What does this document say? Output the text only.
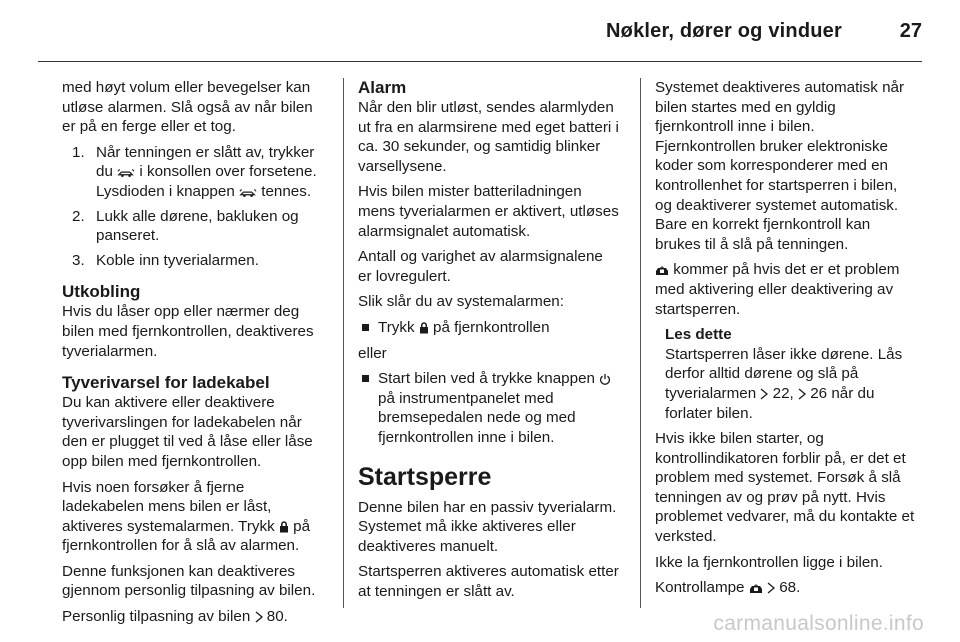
Nøkler, dører og vinduer	27

med høyt volum eller bevegelser kan utløse alarmen. Slå også av når bilen er på en ferge eller et tog.

1. Når tenningen er slått av, trykker du i konsollen over forsetene. Lysdioden i knappen tennes.
2. Lukk alle dørene, bakluken og panseret.
3. Koble inn tyverialarmen.
Utkobling

Hvis du låser opp eller nærmer deg bilen med fjernkontrollen, deaktiveres tyverialarmen.

Tyverivarsel for ladekabel

Du kan aktivere eller deaktivere tyverivarslingen for ladekabelen når den er plugget til ved å låse eller låse opp bilen med fjernkontrollen.

Hvis noen forsøker å fjerne ladekabelen mens bilen er låst, aktiveres systemalarmen. Trykk på fjernkontrollen for å slå av alarmen.

Denne funksjonen kan deaktiveres gjennom personlig tilpasning av bilen.

Personlig tilpasning av bilen 80.

Alarm

Når den blir utløst, sendes alarmlyden ut fra en alarmsirene med eget batteri i ca. 30 sekunder, og samtidig blinker varsellysene.

Hvis bilen mister batteriladningen mens tyverialarmen er aktivert, utløses alarmsignalet automatisk.

Antall og varighet av alarmsignalene er lovregulert.

Slik slår du av systemalarmen:

Trykk på fjernkontrollen

eller

Start bilen ved å trykke knappen  på instrumentpanelet med bremsepedalen nede og med fjernkontrollen inne i bilen.
Startsperre

Denne bilen har en passiv tyverialarm. Systemet må ikke aktiveres eller deaktiveres manuelt.

Startsperren aktiveres automatisk etter at tenningen er slått av.

Systemet deaktiveres automatisk når bilen startes med en gyldig fjernkontroll inne i bilen. Fjernkontrollen bruker elektroniske koder som korresponderer med en kontrollenhet for startsperren i bilen, og deaktiverer systemet automatisk. Bare en korrekt fjernkontroll kan brukes til å slå på tenningen.

kommer på hvis det er et problem med aktivering eller deaktivering av startsperren.

Les dette
Startsperren låser ikke dørene. Lås derfor alltid dørene og slå på tyverialarmen 22, 26 når du forlater bilen.

Hvis ikke bilen starter, og kontrollindikatoren forblir på, er det et problem med systemet. Forsøk å slå tenningen av og prøv på nytt. Hvis problemet vedvarer, må du kontakte et verksted.

Ikke la fjernkontrollen ligge i bilen.

Kontrollampe 68.

carmanualsonline.info
